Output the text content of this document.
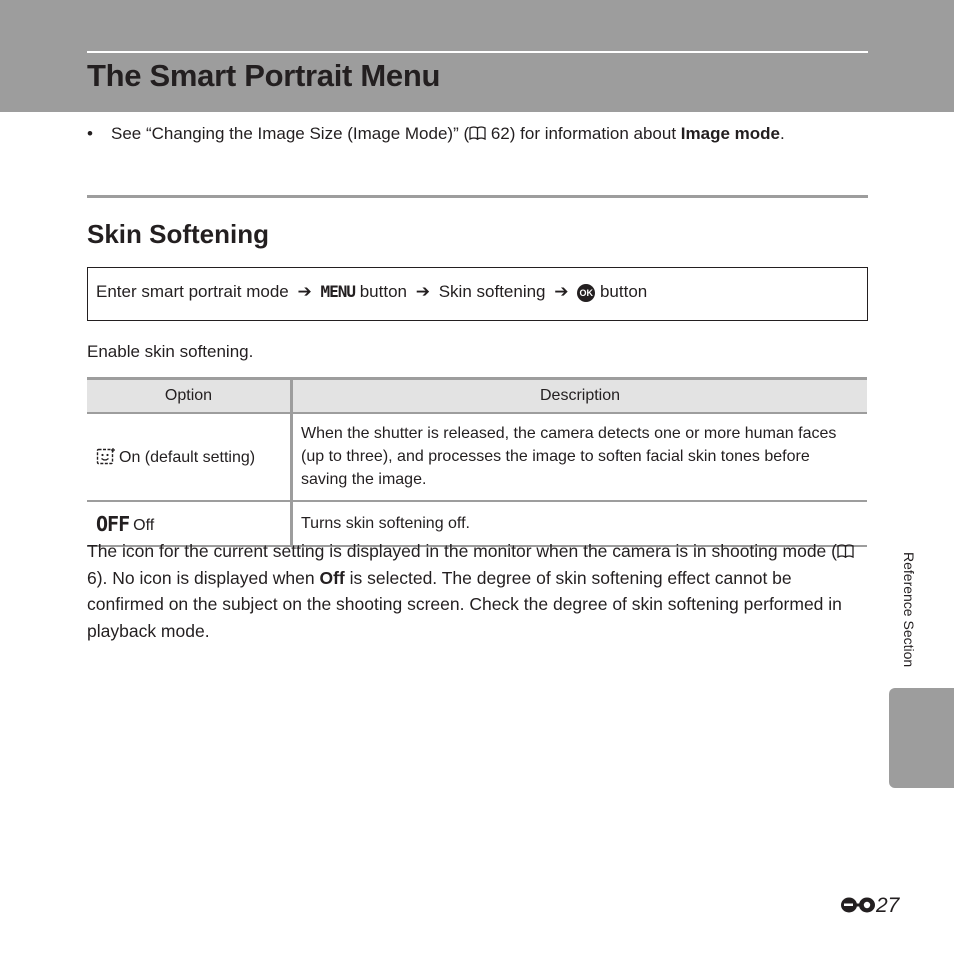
The Smart Portrait Menu
• See “Changing the Image Size (Image Mode)” ( 62) for information about Image mode.
Skin Softening
Enter smart portrait mode ➔ MENU button ➔ Skin softening ➔ OK button
Enable skin softening.
Option	Description
On (default setting)	When the shutter is released, the camera detects one or more human faces (up to three), and processes the image to soften facial skin tones before saving the image.
OFF Off	Turns skin softening off.

The icon for the current setting is displayed in the monitor when the camera is in shooting mode ( 6). No icon is displayed when Off is selected. The degree of skin softening effect cannot be confirmed on the subject on the shooting screen. Check the degree of skin softening performed in playback mode.	Reference Section
27
